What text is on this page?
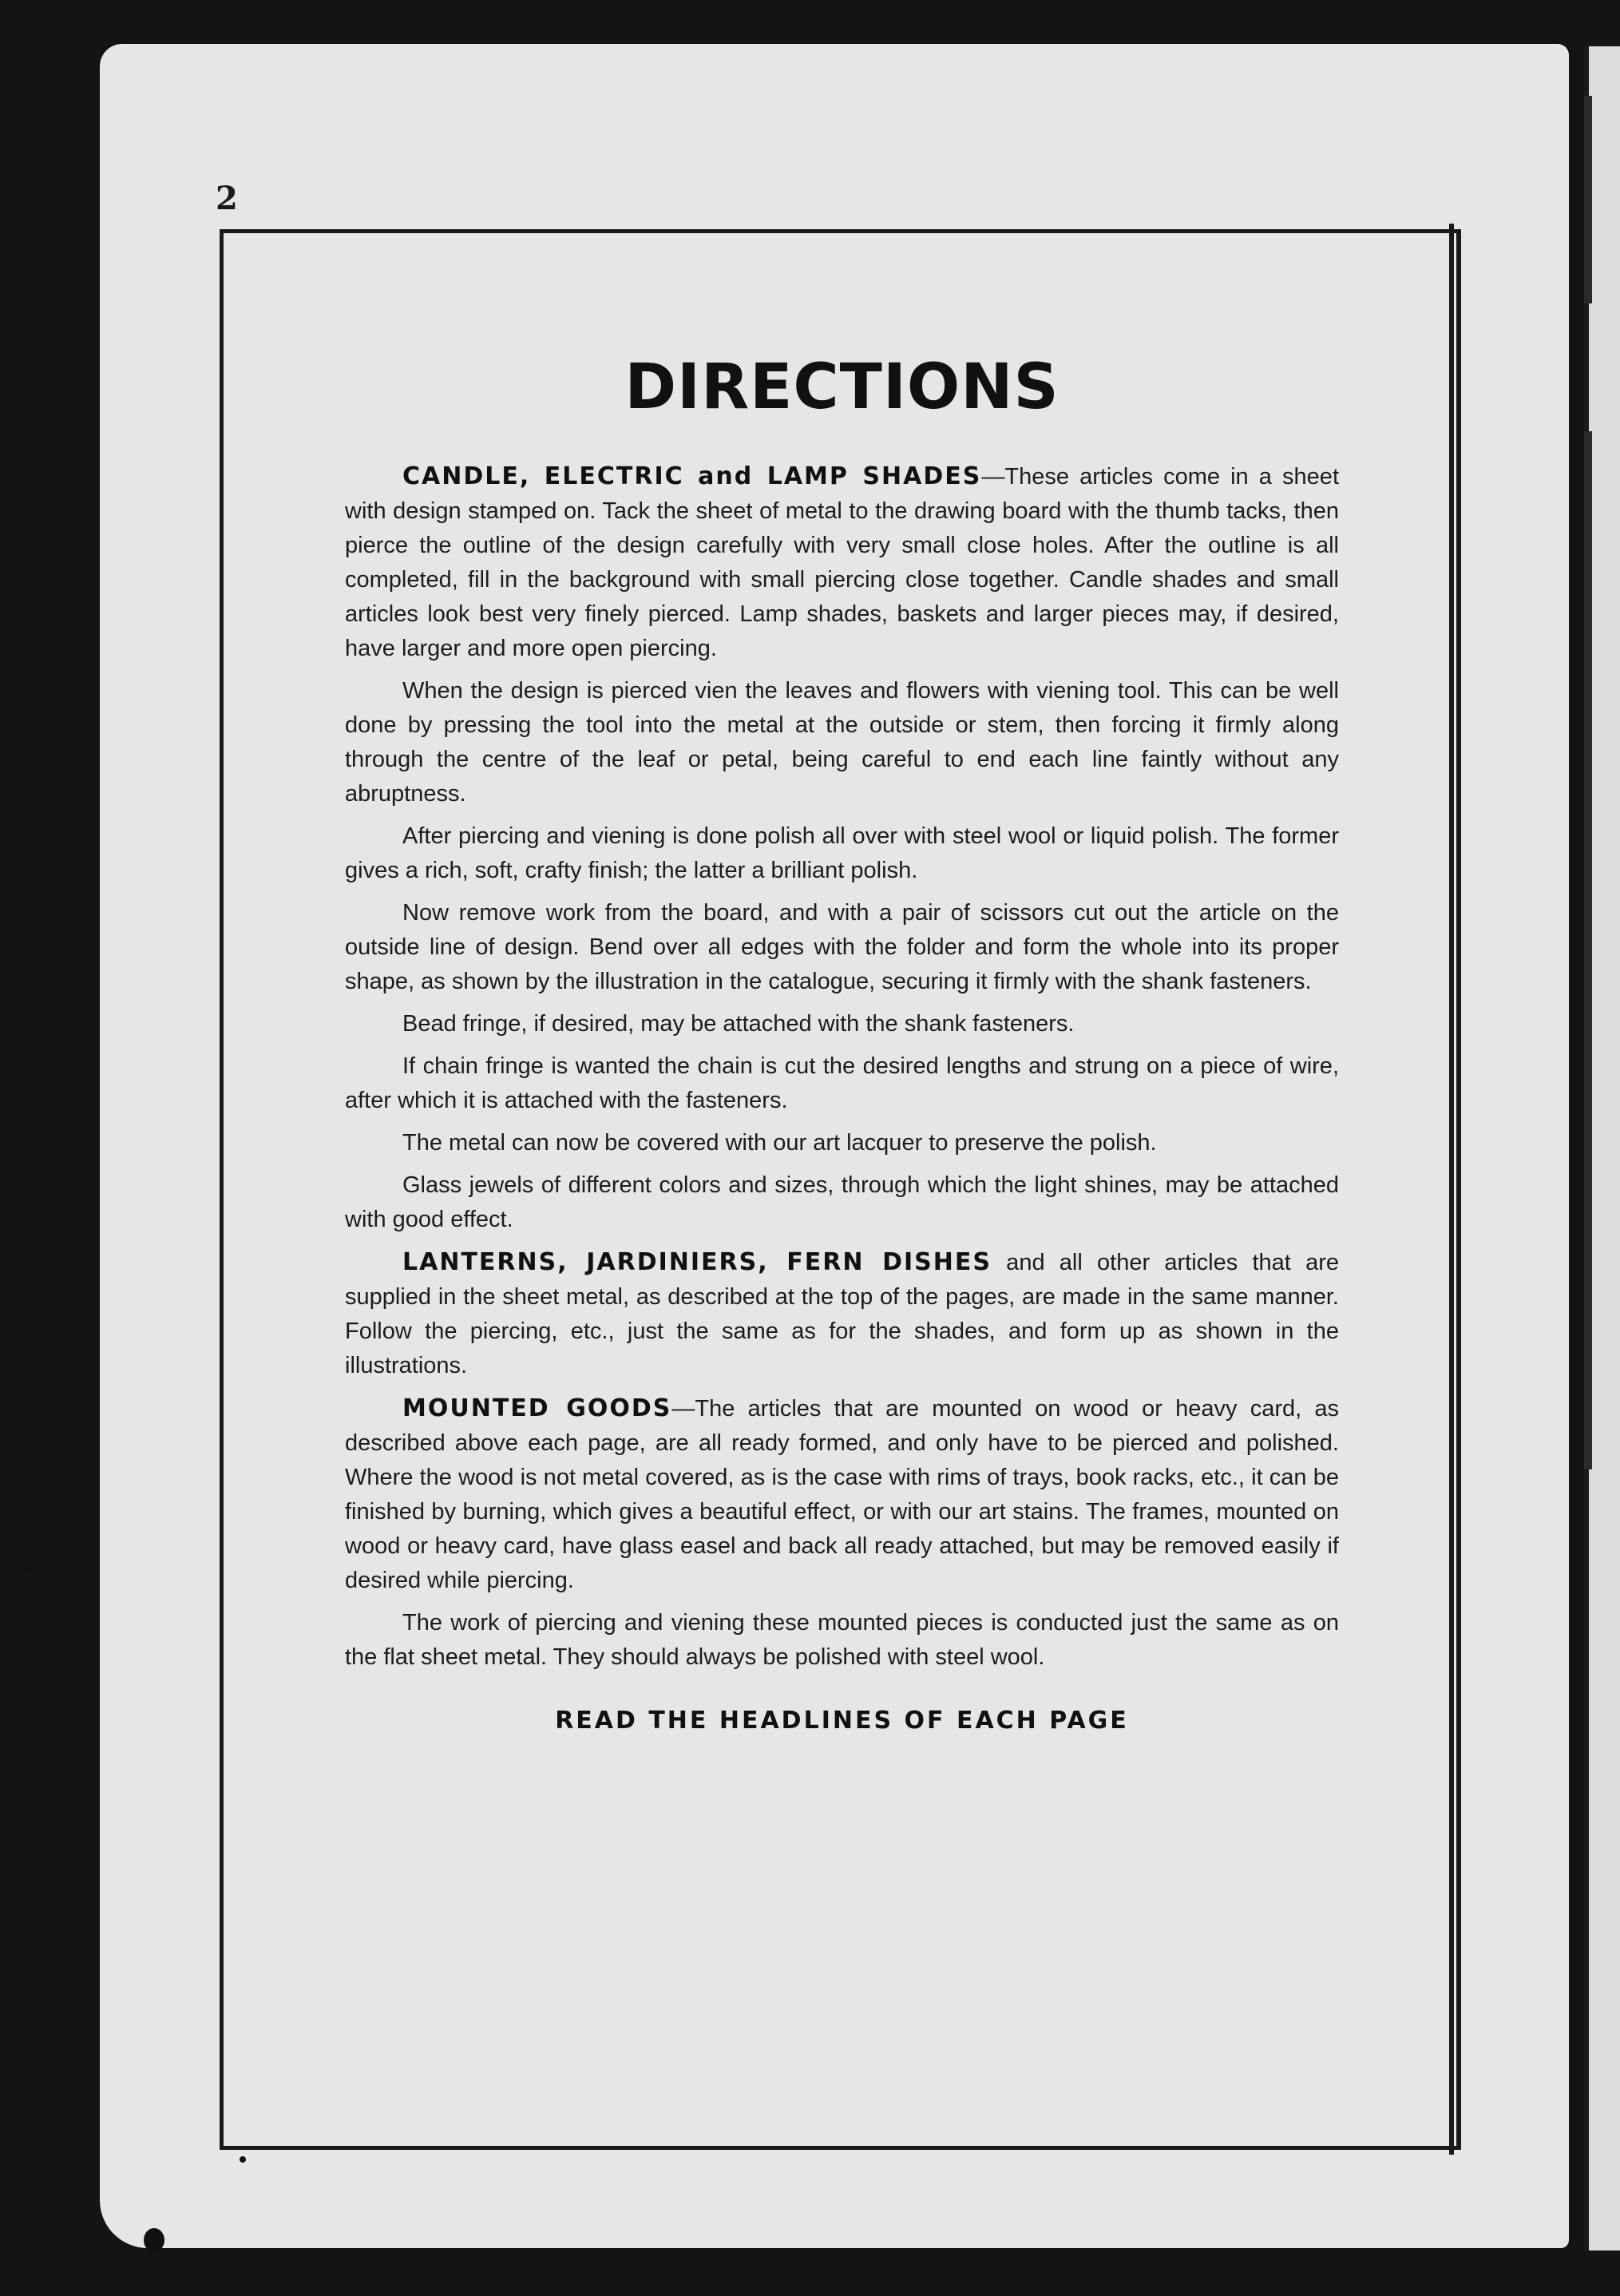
2
DIRECTIONS

CANDLE, ELECTRIC and LAMP SHADES—These articles come in a sheet with design stamped on. Tack the sheet of metal to the drawing board with the thumb tacks, then pierce the outline of the design carefully with very small close holes. After the outline is all completed, fill in the background with small piercing close together. Candle shades and small articles look best very finely pierced. Lamp shades, baskets and larger pieces may, if desired, have larger and more open piercing.

When the design is pierced vien the leaves and flowers with viening tool. This can be well done by pressing the tool into the metal at the outside or stem, then forcing it firmly along through the centre of the leaf or petal, being careful to end each line faintly without any abruptness.

After piercing and viening is done polish all over with steel wool or liquid polish. The former gives a rich, soft, crafty finish; the latter a brilliant polish.

Now remove work from the board, and with a pair of scissors cut out the article on the outside line of design. Bend over all edges with the folder and form the whole into its proper shape, as shown by the illustration in the catalogue, securing it firmly with the shank fasteners.

Bead fringe, if desired, may be attached with the shank fasteners.

If chain fringe is wanted the chain is cut the desired lengths and strung on a piece of wire, after which it is attached with the fasteners.

The metal can now be covered with our art lacquer to preserve the polish.

Glass jewels of different colors and sizes, through which the light shines, may be attached with good effect.

LANTERNS, JARDINIERS, FERN DISHES and all other articles that are supplied in the sheet metal, as described at the top of the pages, are made in the same manner. Follow the piercing, etc., just the same as for the shades, and form up as shown in the illustrations.

MOUNTED GOODS—The articles that are mounted on wood or heavy card, as described above each page, are all ready formed, and only have to be pierced and polished. Where the wood is not metal covered, as is the case with rims of trays, book racks, etc., it can be finished by burning, which gives a beautiful effect, or with our art stains. The frames, mounted on wood or heavy card, have glass easel and back all ready attached, but may be removed easily if desired while piercing.

The work of piercing and viening these mounted pieces is conducted just the same as on the flat sheet metal. They should always be polished with steel wool.

READ THE HEADLINES OF EACH PAGE
